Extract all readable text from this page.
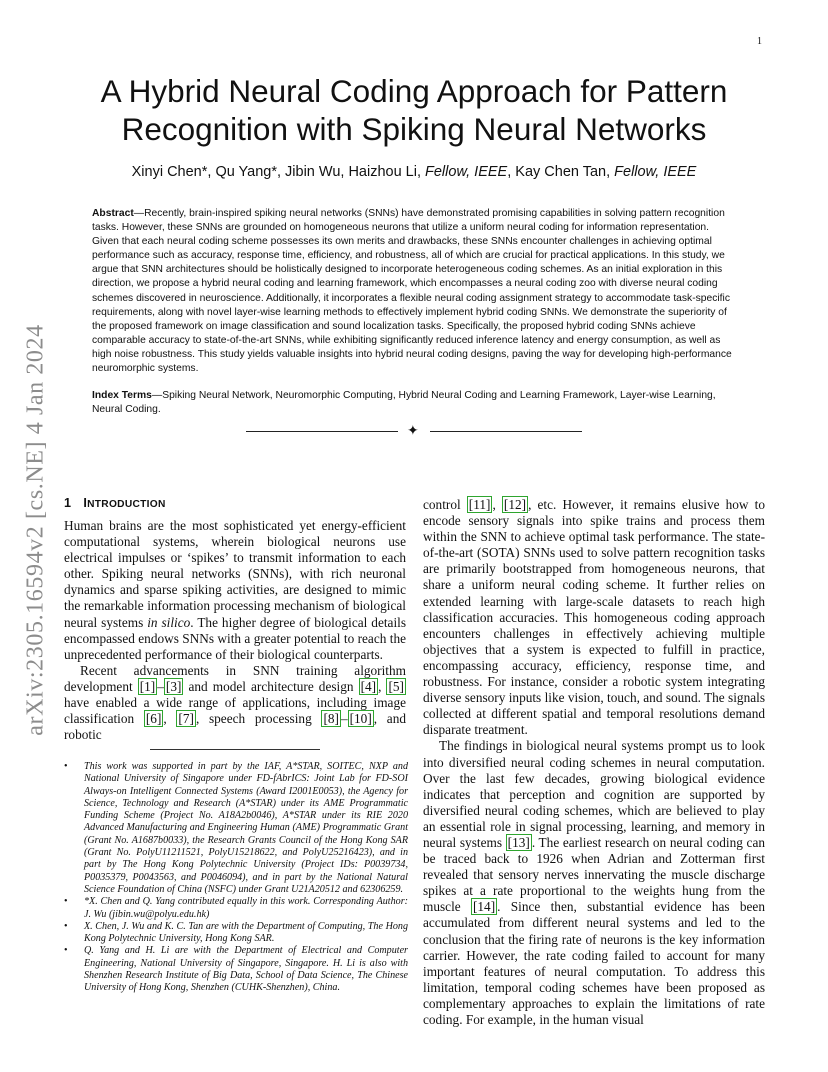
1
arXiv:2305.16594v2 [cs.NE] 4 Jan 2024
A Hybrid Neural Coding Approach for Pattern Recognition with Spiking Neural Networks
Xinyi Chen*, Qu Yang*, Jibin Wu, Haizhou Li, Fellow, IEEE, Kay Chen Tan, Fellow, IEEE

Abstract—Recently, brain-inspired spiking neural networks (SNNs) have demonstrated promising capabilities in solving pattern recognition tasks. However, these SNNs are grounded on homogeneous neurons that utilize a uniform neural coding for information representation. Given that each neural coding scheme possesses its own merits and drawbacks, these SNNs encounter challenges in achieving optimal performance such as accuracy, response time, efficiency, and robustness, all of which are crucial for practical applications. In this study, we argue that SNN architectures should be holistically designed to incorporate heterogeneous coding schemes. As an initial exploration in this direction, we propose a hybrid neural coding and learning framework, which encompasses a neural coding zoo with diverse neural coding schemes discovered in neuroscience. Additionally, it incorporates a flexible neural coding assignment strategy to accommodate task-specific requirements, along with novel layer-wise learning methods to effectively implement hybrid coding SNNs. We demonstrate the superiority of the proposed framework on image classification and sound localization tasks. Specifically, the proposed hybrid coding SNNs achieve comparable accuracy to state-of-the-art SNNs, while exhibiting significantly reduced inference latency and energy consumption, as well as high noise robustness. This study yields valuable insights into hybrid neural coding designs, paving the way for developing high-performance neuromorphic systems.

Index Terms—Spiking Neural Network, Neuromorphic Computing, Hybrid Neural Coding and Learning Framework, Layer-wise Learning, Neural Coding.

✦
1 INTRODUCTION

Human brains are the most sophisticated yet energy-efficient computational systems, wherein biological neurons use electrical impulses or ‘spikes’ to transmit information to each other. Spiking neural networks (SNNs), with rich neuronal dynamics and sparse spiking activities, are designed to mimic the remarkable information processing mechanism of biological neural systems in silico. The higher degree of biological details encompassed endows SNNs with a greater potential to reach the unprecedented performance of their biological counterparts.

Recent advancements in SNN training algorithm development [1] – [3] and model architecture design [4] , [5] have enabled a wide range of applications, including image classification [6] , [7] , speech processing [8] – [10] , and robotic

• This work was supported in part by the IAF, A*STAR, SOITEC, NXP and National University of Singapore under FD-fAbrICS: Joint Lab for FD-SOI Always-on Intelligent Connected Systems (Award I2001E0053), the Agency for Science, Technology and Research (A*STAR) under its AME Programmatic Funding Scheme (Project No. A18A2b0046), A*STAR under its RIE 2020 Advanced Manufacturing and Engineering Human (AME) Programmatic Grant (Grant No. A1687b0033), the Research Grants Council of the Hong Kong SAR (Grant No. PolyU11211521, PolyU15218622, and PolyU25216423), and in part by The Hong Kong Polytechnic University (Project IDs: P0039734, P0035379, P0043563, and P0046094), and in part by the National Natural Science Foundation of China (NSFC) under Grant U21A20512 and 62306259.
• *X. Chen and Q. Yang contributed equally in this work. Corresponding Author: J. Wu (jibin.wu@polyu.edu.hk)
• X. Chen, J. Wu and K. C. Tan are with the Department of Computing, The Hong Kong Polytechnic University, Hong Kong SAR.
• Q. Yang and H. Li are with the Department of Electrical and Computer Engineering, National University of Singapore, Singapore. H. Li is also with Shenzhen Research Institute of Big Data, School of Data Science, The Chinese University of Hong Kong, Shenzhen (CUHK-Shenzhen), China.

control [11] , [12] , etc. However, it remains elusive how to encode sensory signals into spike trains and process them within the SNN to achieve optimal task performance. The state-of-the-art (SOTA) SNNs used to solve pattern recognition tasks are primarily bootstrapped from homogeneous neurons, that share a uniform neural coding scheme. It further relies on extended learning with large-scale datasets to reach high classification accuracies. This homogeneous coding approach encounters challenges in effectively achieving multiple objectives that a system is expected to fulfill in practice, encompassing accuracy, efficiency, response time, and robustness. For instance, consider a robotic system integrating diverse sensory inputs like vision, touch, and sound. The signals collected at different spatial and temporal resolutions demand disparate treatment.

The findings in biological neural systems prompt us to look into diversified neural coding schemes in neural computation. Over the last few decades, growing biological evidence indicates that perception and cognition are supported by diversified neural coding schemes, which are believed to play an essential role in signal processing, learning, and memory in neural systems [13] . The earliest research on neural coding can be traced back to 1926 when Adrian and Zotterman first revealed that sensory nerves innervating the muscle discharge spikes at a rate proportional to the weights hung from the muscle [14] . Since then, substantial evidence has been accumulated from different neural systems and led to the conclusion that the firing rate of neurons is the key information carrier. However, the rate coding failed to account for many important features of neural computation. To address this limitation, temporal coding schemes have been proposed as complementary approaches to explain the limitations of rate coding. For example, in the human visual
